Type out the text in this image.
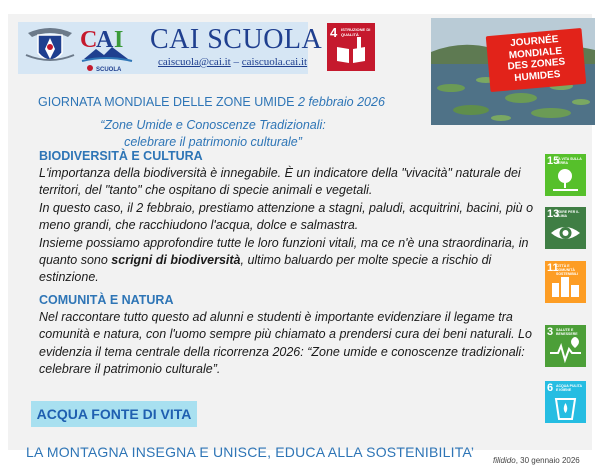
C
A I
SCUOLA
CAI SCUOLA
caiscuola@cai.it – caiscuola.cai.it
4 ISTRUZIONE DI QUALITÀ	JOURNÉE
MONDIALE
DES ZONES
HUMIDES
GIORNATA MONDIALE DELLE ZONE UMIDE 2 febbraio 2026
“Zone Umide e Conoscenze Tradizionali:
celebrare il patrimonio culturale”
BIODIVERSITÀ E CULTURA

L'importanza della biodiversità è innegabile. È un indicatore della "vivacità" naturale dei territori, del "tanto" che ospitano di specie animali e vegetali.

In questo caso, il 2 febbraio, prestiamo attenzione a stagni, paludi, acquitrini, bacini, più o meno grandi, che racchiudono l'acqua, dolce e salmastra.

Insieme possiamo approfondire tutte le loro funzioni vitali, ma ce n'è una straordinaria, in quanto sono scrigni di biodiversità, ultimo baluardo per molte specie a rischio di estinzione.

COMUNITÀ E NATURA

Nel raccontare tutto questo ad alunni e studenti è importante evidenziare il legame tra comunità e natura, con l'uomo sempre più chiamato a prendersi cura dei beni naturali. Lo evidenzia il tema centrale della ricorrenza 2026: “Zone umide e conoscenze tradizionali: celebrare il patrimonio culturale”.

ACQUA FONTE DI VITA
LA MONTAGNA INSEGNA E UNISCE, EDUCA ALLA SOSTENIBILITA’
filidido, 30 gennaio 2026
15
LA VITA SULLA TERRA
13
AGIRE PER IL CLIMA
11
CITTÀ E COMUNITÀ SOSTENIBILI
3 SALUTE E BENESSERE
6 ACQUA PULITA E IGIENE
